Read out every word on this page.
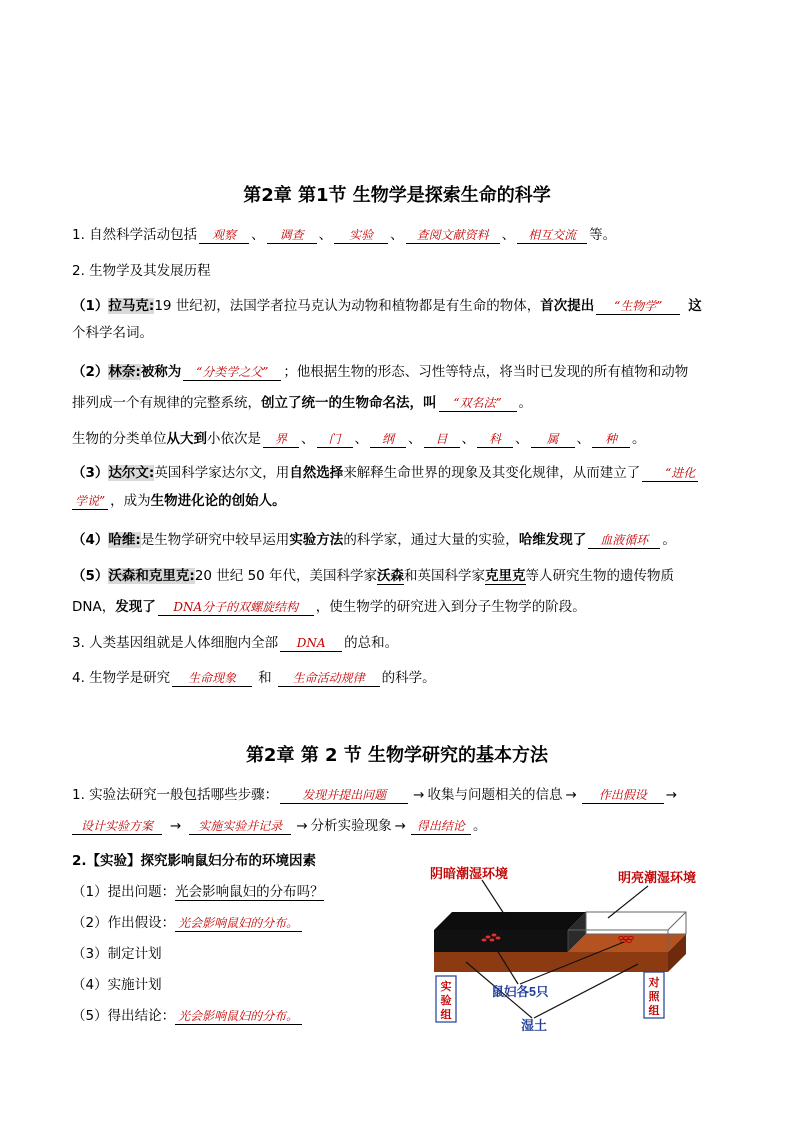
第2章 第1节 生物学是探索生命的科学
1. 自然科学活动包括 观察 、 调查 、 实验 、 查阅文献资料 、 相互交流 等。
2. 生物学及其发展历程
（1）拉马克:19 世纪初，法国学者拉马克认为动物和植物都是有生命的物体，首次提出 “生物学” 这
个科学名词。
（2）林奈:被称为 “分类学之父” ；他根据生物的形态、习性等特点，将当时已发现的所有植物和动物
排列成一个有规律的完整系统，创立了统一的生物命名法，叫 “双名法” 。
生物的分类单位从大到小依次是 界 、 门 、 纲 、 目 、 科 、 属 、 种 。
（3）达尔文:英国科学家达尔文，用自然选择来解释生命世界的现象及其变化规律，从而建立了 “进化
学说” ，成为生物进化论的创始人。
（4）哈维:是生物学研究中较早运用实验方法的科学家，通过大量的实验，哈维发现了 血液循环 。
（5）沃森和克里克:20 世纪 50 年代，美国科学家沃森和英国科学家克里克等人研究生物的遗传物质
DNA，发现了 DNA分子的双螺旋结构 ，使生物学的研究进入到分子生物学的阶段。
3. 人类基因组就是人体细胞内全部 DNA 的总和。
4. 生物学是研究 生命现象 和 生命活动规律 的科学。
第2章 第 2 节 生物学研究的基本方法
1. 实验法研究一般包括哪些步骤： 发现并提出问题 → 收集与问题相关的信息 → 作出假设 →
设计实验方案 → 实施实验并记录 → 分析实验现象 → 得出结论 。
2.【实验】探究影响鼠妇分布的环境因素
（1）提出问题：光会影响鼠妇的分布吗？
（2）作出假设： 光会影响鼠妇的分布。
（3）制定计划
（4）实施计划
（5）得出结论： 光会影响鼠妇的分布。
阴暗潮湿环境	明亮潮湿环境
实
验
组
对
照
组
鼠妇各5只
湿土
